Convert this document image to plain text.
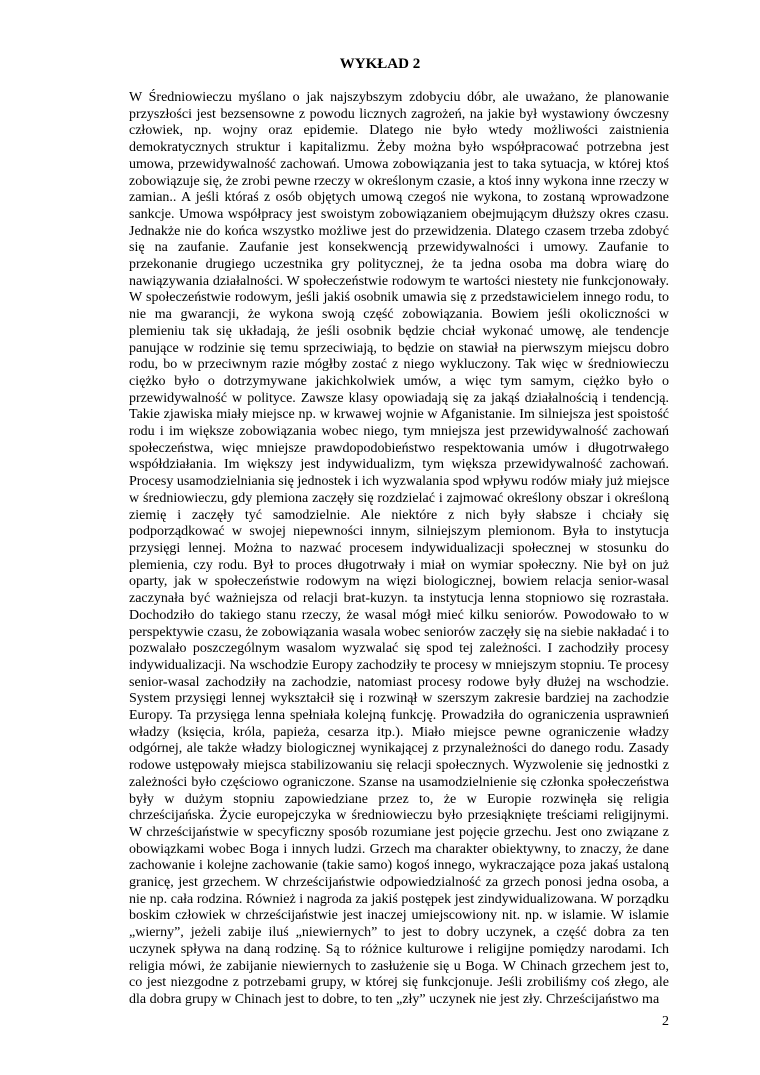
WYKŁAD 2
W Średniowieczu myślano o jak najszybszym zdobyciu dóbr, ale uważano, że planowanie
przyszłości jest bezsensowne z powodu licznych zagrożeń, na jakie był wystawiony ówczesny
człowiek, np. wojny oraz epidemie. Dlatego nie było wtedy możliwości zaistnienia
demokratycznych struktur i kapitalizmu. Żeby można było współpracować potrzebna jest
umowa, przewidywalność zachowań. Umowa zobowiązania jest to taka sytuacja, w której ktoś
zobowiązuje się, że zrobi pewne rzeczy w określonym czasie, a ktoś inny wykona inne rzeczy w
zamian.. A jeśli któraś z osób objętych umową czegoś nie wykona, to zostaną wprowadzone
sankcje. Umowa współpracy jest swoistym zobowiązaniem obejmującym dłuższy okres czasu.
Jednakże nie do końca wszystko możliwe jest do przewidzenia. Dlatego czasem trzeba zdobyć
się na zaufanie. Zaufanie jest konsekwencją przewidywalności i umowy. Zaufanie to
przekonanie drugiego uczestnika gry politycznej, że ta jedna osoba ma dobra wiarę do
nawiązywania działalności. W społeczeństwie rodowym te wartości niestety nie funkcjonowały.
W społeczeństwie rodowym, jeśli jakiś osobnik umawia się z przedstawicielem innego rodu, to
nie ma gwarancji, że wykona swoją część zobowiązania. Bowiem jeśli okoliczności w
plemieniu tak się układają, że jeśli osobnik będzie chciał wykonać umowę, ale tendencje
panujące w rodzinie się temu sprzeciwiają, to będzie on stawiał na pierwszym miejscu dobro
rodu, bo w przeciwnym razie mógłby zostać z niego wykluczony. Tak więc w średniowieczu
ciężko było o dotrzymywane jakichkolwiek umów, a więc tym samym, ciężko było o
przewidywalność w polityce. Zawsze klasy opowiadają się za jakąś działalnością i tendencją.
Takie zjawiska miały miejsce np. w krwawej wojnie w Afganistanie. Im silniejsza jest spoistość
rodu i im większe zobowiązania wobec niego, tym mniejsza jest przewidywalność zachowań
społeczeństwa, więc mniejsze prawdopodobieństwo respektowania umów i długotrwałego
współdziałania. Im większy jest indywidualizm, tym większa przewidywalność zachowań.
Procesy usamodzielniania się jednostek i ich wyzwalania spod wpływu rodów miały już miejsce
w średniowieczu, gdy plemiona zaczęły się rozdzielać i zajmować określony obszar i określoną
ziemię i zaczęły tyć samodzielnie. Ale niektóre z nich były słabsze i chciały się
podporządkować w swojej niepewności innym, silniejszym plemionom. Była to instytucja
przysięgi lennej. Można to nazwać procesem indywidualizacji społecznej w stosunku do
plemienia, czy rodu. Był to proces długotrwały i miał on wymiar społeczny. Nie był on już
oparty, jak w społeczeństwie rodowym na więzi biologicznej, bowiem relacja senior-wasal
zaczynała być ważniejsza od relacji brat-kuzyn. ta instytucja lenna stopniowo się rozrastała.
Dochodziło do takiego stanu rzeczy, że wasal mógł mieć kilku seniorów. Powodowało to w
perspektywie czasu, że zobowiązania wasala wobec seniorów zaczęły się na siebie nakładać i to
pozwalało poszczególnym wasalom wyzwalać się spod tej zależności. I zachodziły procesy
indywidualizacji. Na wschodzie Europy zachodziły te procesy w mniejszym stopniu. Te procesy
senior-wasal zachodziły na zachodzie, natomiast procesy rodowe były dłużej na wschodzie.
System przysięgi lennej wykształcił się i rozwinął w szerszym zakresie bardziej na zachodzie
Europy. Ta przysięga lenna spełniała kolejną funkcję. Prowadziła do ograniczenia usprawnień
władzy (księcia, króla, papieża, cesarza itp.). Miało miejsce pewne ograniczenie władzy
odgórnej, ale także władzy biologicznej wynikającej z przynależności do danego rodu. Zasady
rodowe ustępowały miejsca stabilizowaniu się relacji społecznych. Wyzwolenie się jednostki z
zależności było częściowo ograniczone. Szanse na usamodzielnienie się członka społeczeństwa
były w dużym stopniu zapowiedziane przez to, że w Europie rozwinęła się religia
chrześcijańska. Życie europejczyka w średniowieczu było przesiąknięte treściami religijnymi.
W chrześcijaństwie w specyficzny sposób rozumiane jest pojęcie grzechu. Jest ono związane z
obowiązkami wobec Boga i innych ludzi. Grzech ma charakter obiektywny, to znaczy, że dane
zachowanie i kolejne zachowanie (takie samo) kogoś innego, wykraczające poza jakaś ustaloną
granicę, jest grzechem. W chrześcijaństwie odpowiedzialność za grzech ponosi jedna osoba, a
nie np. cała rodzina. Również i nagroda za jakiś postępek jest zindywidualizowana. W porządku
boskim człowiek w chrześcijaństwie jest inaczej umiejscowiony nit. np. w islamie. W islamie
„wierny”, jeżeli zabije iluś „niewiernych” to jest to dobry uczynek, a część dobra za ten
uczynek spływa na daną rodzinę. Są to różnice kulturowe i religijne pomiędzy narodami. Ich
religia mówi, że zabijanie niewiernych to zasłużenie się u Boga. W Chinach grzechem jest to,
co jest niezgodne z potrzebami grupy, w której się funkcjonuje. Jeśli zrobiliśmy coś złego, ale
dla dobra grupy w Chinach jest to dobre, to ten „zły” uczynek nie jest zły. Chrześcijaństwo ma
2
